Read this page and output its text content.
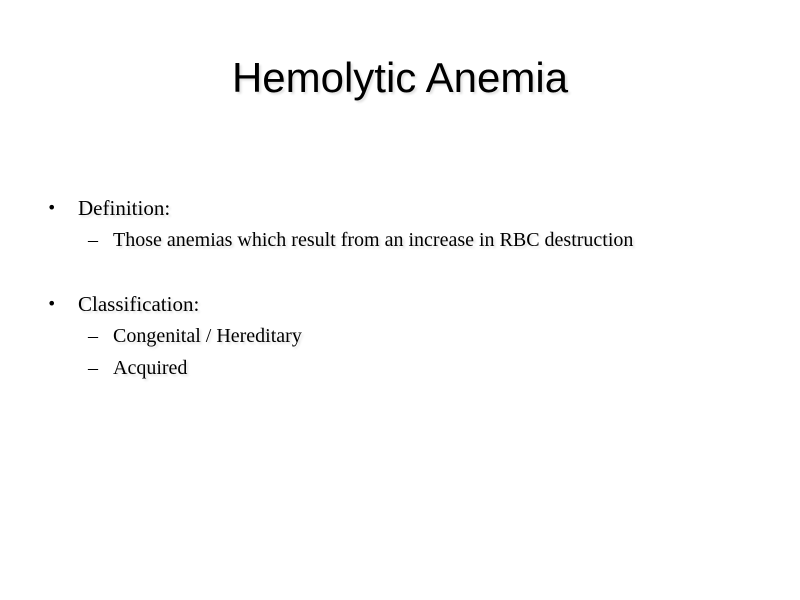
Hemolytic Anemia
• Definition:
– Those anemias which result from an increase in RBC destruction
• Classification:
– Congenital / Hereditary
– Acquired
